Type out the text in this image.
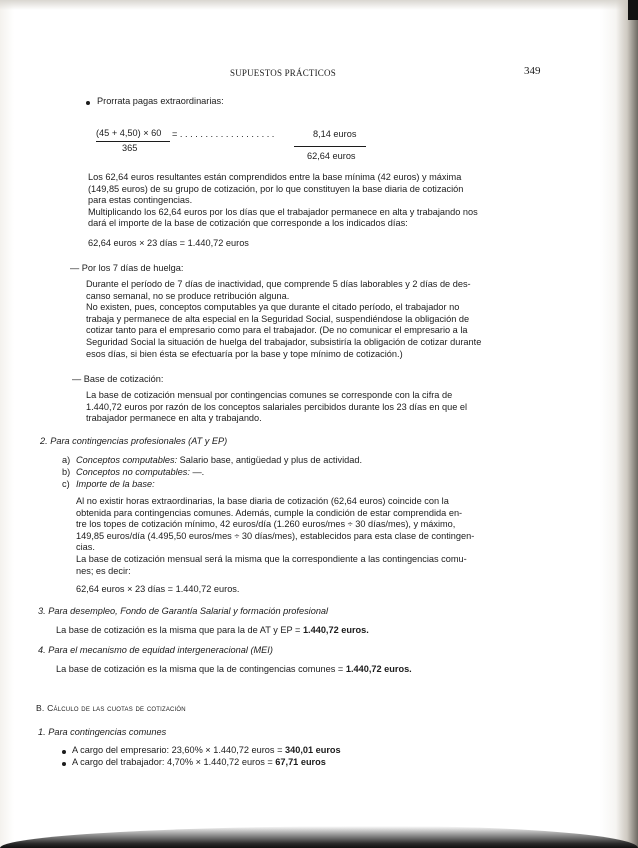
SUPUESTOS PRÁCTICOS	349
Prorrata pagas extraordinarias:
(45 + 4,50) × 60
365
= . . . . . . . . . . . . . . . . . . .	8,14 euros
62,64 euros
Los 62,64 euros resultantes están comprendidos entre la base mínima (42 euros) y máxima
(149,85 euros) de su grupo de cotización, por lo que constituyen la base diaria de cotización
para estas contingencias.
Multiplicando los 62,64 euros por los días que el trabajador permanece en alta y trabajando nos
dará el importe de la base de cotización que corresponde a los indicados días:
62,64 euros × 23 días = 1.440,72 euros
— Por los 7 días de huelga:
Durante el período de 7 días de inactividad, que comprende 5 días laborables y 2 días de des-
canso semanal, no se produce retribución alguna.
No existen, pues, conceptos computables ya que durante el citado período, el trabajador no
trabaja y permanece de alta especial en la Seguridad Social, suspendiéndose la obligación de
cotizar tanto para el empresario como para el trabajador. (De no comunicar el empresario a la
Seguridad Social la situación de huelga del trabajador, subsistiría la obligación de cotizar durante
esos días, si bien ésta se efectuaría por la base y tope mínimo de cotización.)
— Base de cotización:
La base de cotización mensual por contingencias comunes se corresponde con la cifra de
1.440,72 euros por razón de los conceptos salariales percibidos durante los 23 días en que el
trabajador permanece en alta y trabajando.
2. Para contingencias profesionales (AT y EP)
a) Conceptos computables: Salario base, antigüedad y plus de actividad.
b) Conceptos no computables: —.
c) Importe de la base:
Al no existir horas extraordinarias, la base diaria de cotización (62,64 euros) coincide con la
obtenida para contingencias comunes. Además, cumple la condición de estar comprendida en-
tre los topes de cotización mínimo, 42 euros/día (1.260 euros/mes ÷ 30 días/mes), y máximo,
149,85 euros/día (4.495,50 euros/mes ÷ 30 días/mes), establecidos para esta clase de contingen-
cias.
La base de cotización mensual será la misma que la correspondiente a las contingencias comu-
nes; es decir:
62,64 euros × 23 días = 1.440,72 euros.
3. Para desempleo, Fondo de Garantía Salarial y formación profesional
La base de cotización es la misma que para la de AT y EP = 1.440,72 euros.
4. Para el mecanismo de equidad intergeneracional (MEI)
La base de cotización es la misma que la de contingencias comunes = 1.440,72 euros.
B. Cálculo de las cuotas de cotización
1. Para contingencias comunes
A cargo del empresario: 23,60% × 1.440,72 euros = 340,01 euros
A cargo del trabajador: 4,70% × 1.440,72 euros = 67,71 euros
